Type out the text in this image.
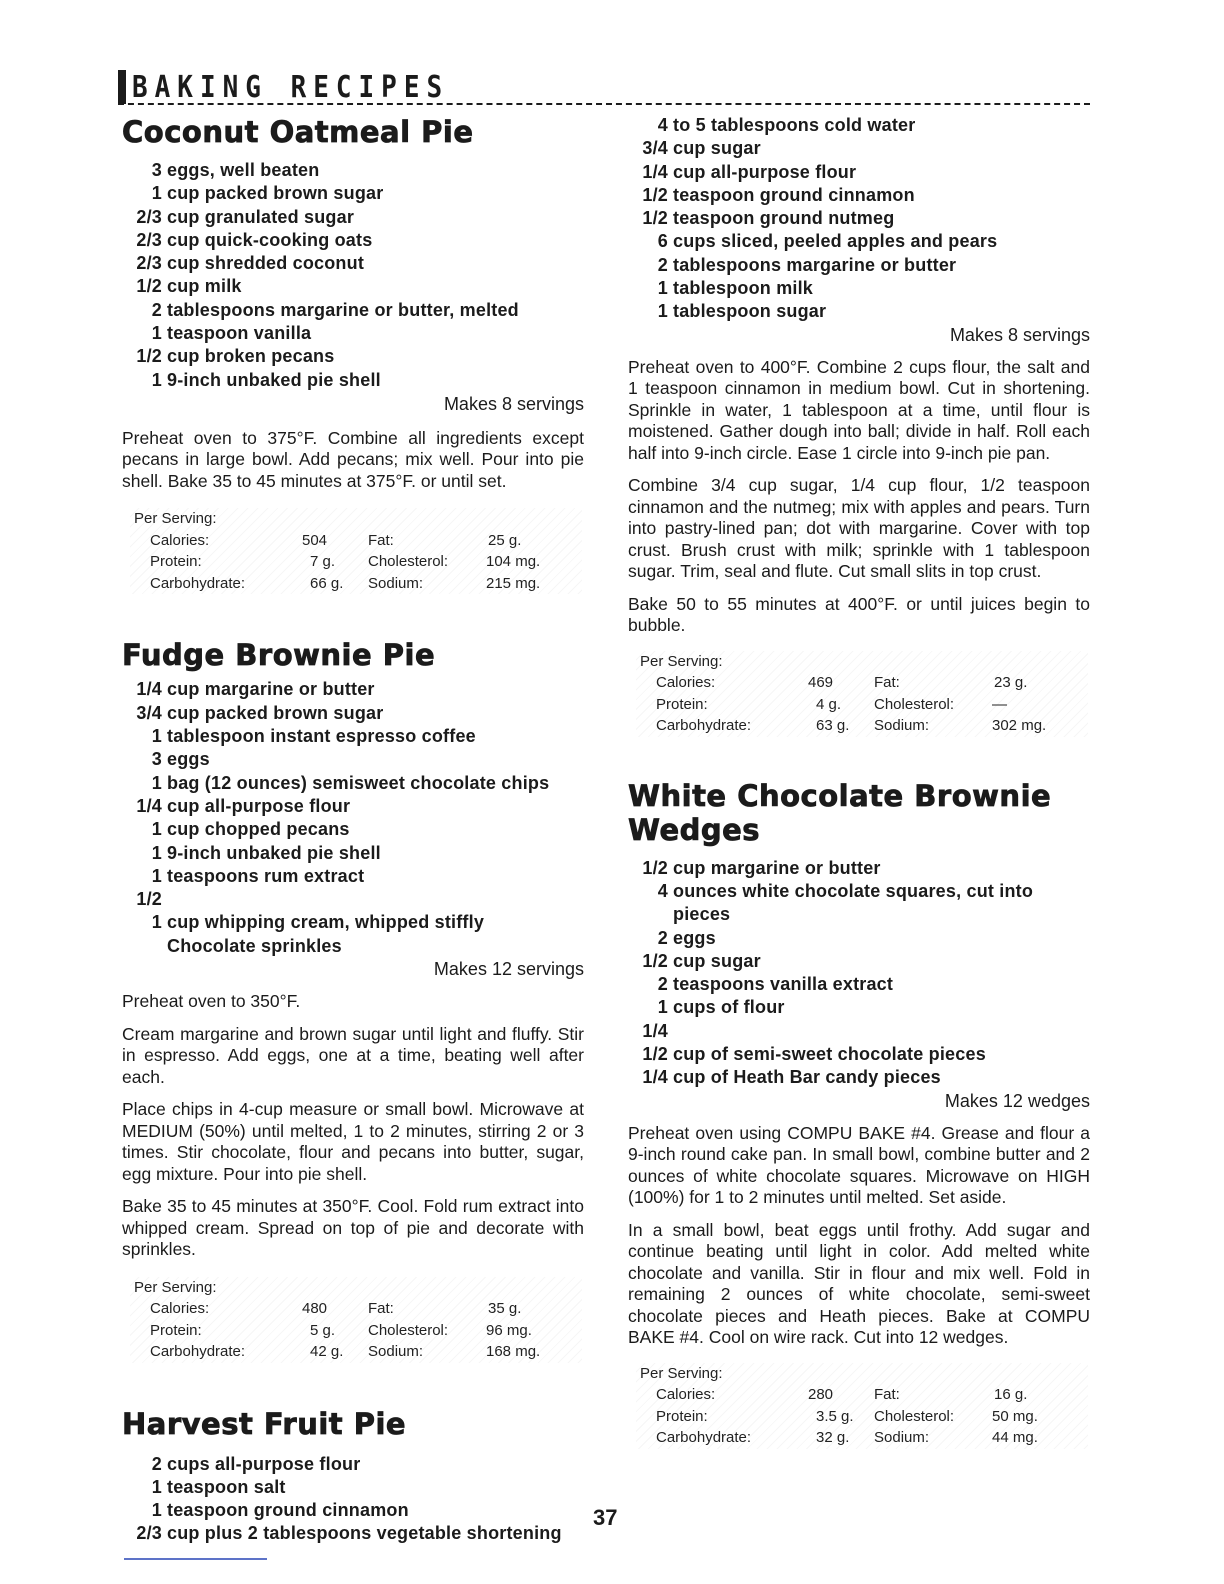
BAKING RECIPES
Coconut Oatmeal Pie
3 eggs, well beaten
1 cup packed brown sugar
2/3 cup granulated sugar
2/3 cup quick-cooking oats
2/3 cup shredded coconut
1/2 cup milk
2 tablespoons margarine or butter, melted
1 teaspoon vanilla
1/2 cup broken pecans
1 9-inch unbaked pie shell

Makes 8 servings

Preheat oven to 375°F. Combine all ingredients except pecans in large bowl. Add pecans; mix well. Pour into pie shell. Bake 35 to 45 minutes at 375°F. or until set.

Per Serving:
Calories:	504	Fat:	25 g.
Protein:	7 g. Cholesterol:	104 mg.
Carbohydrate:	66 g. Sodium:	215 mg.
Fudge Brownie Pie
1/4 cup margarine or butter
3/4 cup packed brown sugar
1 tablespoon instant espresso coffee
3 eggs
1 bag (12 ounces) semisweet chocolate chips
1/4 cup all-purpose flour
1 cup chopped pecans
1 9-inch unbaked pie shell
1 1/2
teaspoons rum extract
1 cup whipping cream, whipped stiffly
Chocolate sprinkles

Makes 12 servings

Preheat oven to 350°F.

Cream margarine and brown sugar until light and fluffy. Stir in espresso. Add eggs, one at a time, beating well after each.

Place chips in 4-cup measure or small bowl. Microwave at MEDIUM (50%) until melted, 1 to 2 minutes, stirring 2 or 3 times. Stir chocolate, flour and pecans into butter, sugar, egg mixture. Pour into pie shell.

Bake 35 to 45 minutes at 350°F. Cool. Fold rum extract into whipped cream. Spread on top of pie and decorate with sprinkles.

Per Serving:
Calories:	480	Fat:	35 g.
Protein:	5 g. Cholesterol:	96 mg.
Carbohydrate:	42 g. Sodium:	168 mg.
Harvest Fruit Pie
2 cups all-purpose flour
1 teaspoon salt
1 teaspoon ground cinnamon
2/3 cup plus 2 tablespoons vegetable shortening
4 to 5 tablespoons cold water
3/4 cup sugar
1/4 cup all-purpose flour
1/2 teaspoon ground cinnamon
1/2 teaspoon ground nutmeg
6 cups sliced, peeled apples and pears
2 tablespoons margarine or butter
1 tablespoon milk
1 tablespoon sugar

Makes 8 servings

Preheat oven to 400°F. Combine 2 cups flour, the salt and 1 teaspoon cinnamon in medium bowl. Cut in shortening. Sprinkle in water, 1 tablespoon at a time, until flour is moistened. Gather dough into ball; divide in half. Roll each half into 9-inch circle. Ease 1 circle into 9-inch pie pan.

Combine 3/4 cup sugar, 1/4 cup flour, 1/2 teaspoon cinnamon and the nutmeg; mix with apples and pears. Turn into pastry-lined pan; dot with margarine. Cover with top crust. Brush crust with milk; sprinkle with 1 tablespoon sugar. Trim, seal and flute. Cut small slits in top crust.

Bake 50 to 55 minutes at 400°F. or until juices begin to bubble.

Per Serving:
Calories:	469	Fat:	23 g.
Protein:	4 g. Cholesterol:	—
Carbohydrate:	63 g. Sodium:	302 mg.
White Chocolate Brownie
Wedges
1/2 cup margarine or butter
4 ounces white chocolate squares, cut into pieces
2 eggs
1/2 cup sugar
2 teaspoons vanilla extract
1 1/4
cups of flour
1/2 cup of semi-sweet chocolate pieces
1/4 cup of Heath Bar candy pieces

Makes 12 wedges

Preheat oven using COMPU BAKE #4. Grease and flour a 9-inch round cake pan. In small bowl, combine butter and 2 ounces of white chocolate squares. Microwave on HIGH (100%) for 1 to 2 minutes until melted. Set aside.

In a small bowl, beat eggs until frothy. Add sugar and continue beating until light in color. Add melted white chocolate and vanilla. Stir in flour and mix well. Fold in remaining 2 ounces of white chocolate, semi-sweet chocolate pieces and Heath pieces. Bake at COMPU BAKE #4. Cool on wire rack. Cut into 12 wedges.

Per Serving:
Calories:	280	Fat:	16 g.
Protein:	3.5 g. Cholesterol:	50 mg.
Carbohydrate:	32 g. Sodium:	44 mg.
37
